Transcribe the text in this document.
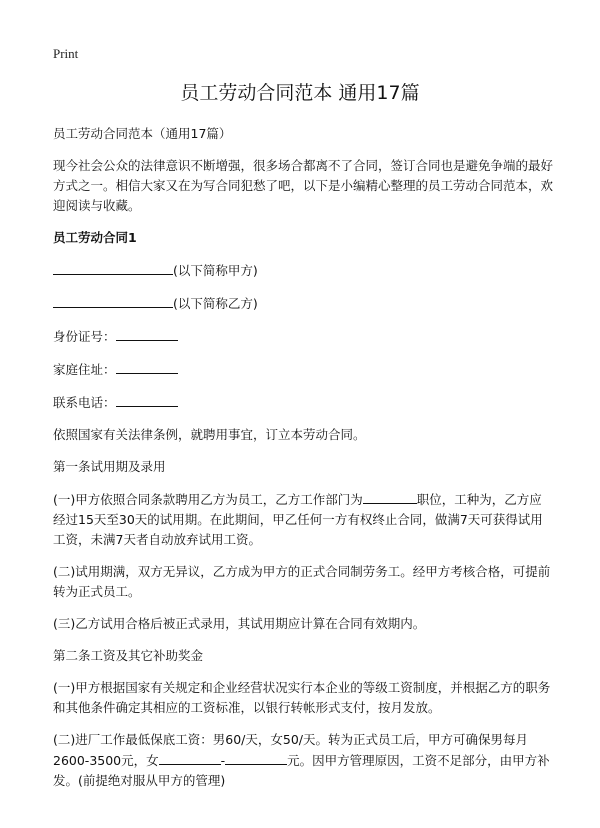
Print
员工劳动合同范本 通用17篇

员工劳动合同范本（通用17篇）

现今社会公众的法律意识不断增强，很多场合都离不了合同，签订合同也是避免争端的最好方式之一。相信大家又在为写合同犯愁了吧，以下是小编精心整理的员工劳动合同范本，欢迎阅读与收藏。

员工劳动合同1

(以下简称甲方)

(以下简称乙方)

身份证号：

家庭住址：

联系电话：

依照国家有关法律条例，就聘用事宜，订立本劳动合同。

第一条试用期及录用

(一)甲方依照合同条款聘用乙方为员工，乙方工作部门为	职位，工种为，乙方应经过15天至30天的试用期。在此期间，甲乙任何一方有权终止合同，做满7天可获得试用工资，未满7天者自动放弃试用工资。

(二)试用期满，双方无异议，乙方成为甲方的正式合同制劳务工。经甲方考核合格，可提前转为正式员工。

(三)乙方试用合格后被正式录用，其试用期应计算在合同有效期内。

第二条工资及其它补助奖金

(一)甲方根据国家有关规定和企业经营状况实行本企业的等级工资制度，并根据乙方的职务和其他条件确定其相应的工资标准，以银行转帐形式支付，按月发放。

(二)进厂工作最低保底工资：男60/天，女50/天。转为正式员工后，甲方可确保男每月2600-3500元，女	-	元。因甲方管理原因，工资不足部分，由甲方补发。(前提绝对服从甲方的管理)
